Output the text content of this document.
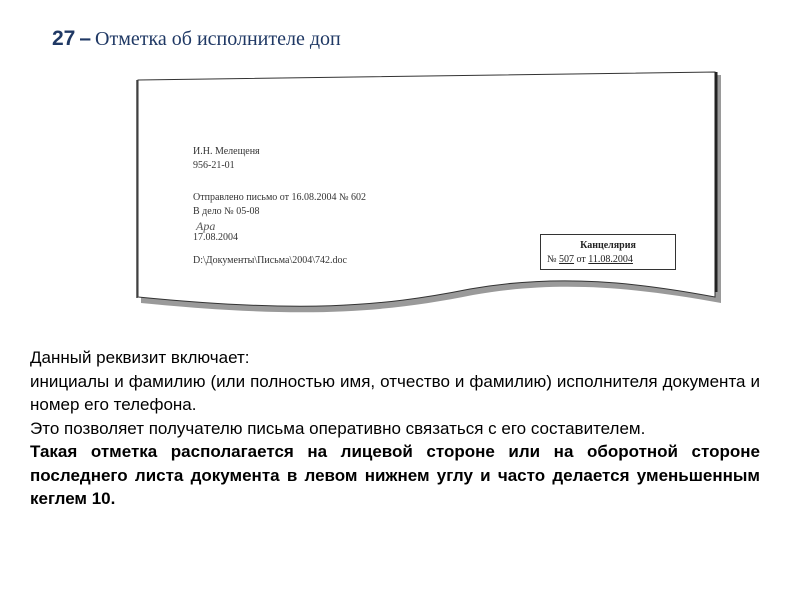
27 – Отметка об исполнителе доп
И.Н. Мелещеня
956-21-01
Отправлено письмо от 16.08.2004 № 602
В дело № 05-08
Ара
17.08.2004
D:\Документы\Письма\2004\742.doc
Канцелярия
№ 507 от 11.08.2004

Данный реквизит включает:

инициалы и фамилию (или полностью имя, отчество и фамилию) исполнителя документа и номер его телефона.

Это позволяет получателю письма оперативно связаться с его составителем.

Такая отметка располагается на лицевой стороне или на оборотной стороне последнего листа документа в левом нижнем углу и часто делается уменьшенным кеглем 10.
